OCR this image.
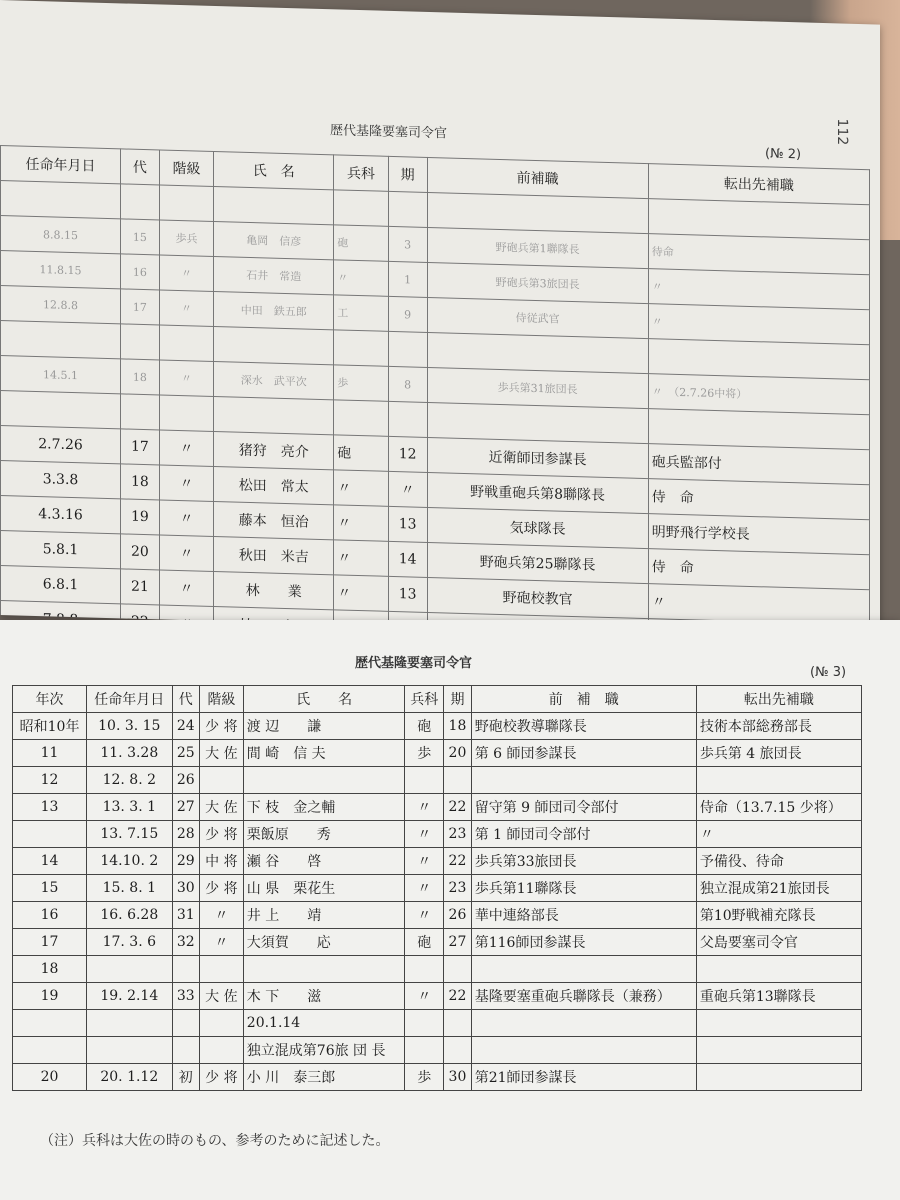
歴代基隆要塞司令官
(№ 2)
112
任命年月日	代	階級	氏　名	兵科	期	前補職	転出先補職

8.8.15	15	歩兵	亀岡　信彦	砲	3	野砲兵第1聯隊長	待命
11.8.15	16	〃	石井　常造	〃	1	野砲兵第3旅団長	〃
12.8.8	17	〃	中田　鉄五郎	工	9	侍従武官	〃

14.5.1	18	〃	深水　武平次	歩	8	歩兵第31旅団長	〃　（2.7.26中将）

2.7.26	17	〃	猪狩　亮介	砲	12	近衛師団参謀長	砲兵監部付
3.3.8	18	〃	松田　常太	〃	〃	野戦重砲兵第8聯隊長	侍　命
4.3.16	19	〃	藤本　恒治	〃	13	気球隊長	明野飛行学校長
5.8.1	20	〃	秋田　米吉	〃	14	野砲兵第25聯隊長	侍　命
6.8.1	21	〃	林　　業	〃	13	野砲校教官	〃

歴代基隆要塞司令官
(№ 3)
年次	任命年月日	代	階級	氏　　名	兵科	期	前　補　職	転出先補職
昭和10年	10. 3. 15	24	少 将	渡 辺　　謙	砲	18	野砲校教導聯隊長	技術本部総務部長
11	11. 3.28	25	大 佐	間 崎　信 夫	歩	20	第 6 師団参謀長	歩兵第 4 旅団長
12	12. 8. 2	26						
13	13. 3. 1	27	大 佐	下 枝　金之輔	〃	22	留守第 9 師団司令部付	侍命（13.7.15 少将）
	13. 7.15	28	少 将	栗飯原　　秀	〃	23	第 1 師団司令部付	〃
14	14.10. 2	29	中 将	瀬 谷　　啓	〃	22	歩兵第33旅団長	予備役、待命
15	15. 8. 1	30	少 将	山 県　栗花生	〃	23	歩兵第11聯隊長	独立混成第21旅団長
16	16. 6.28	31	〃	井 上　　靖	〃	26	華中連絡部長	第10野戦補充隊長
17	17. 3. 6	32	〃	大須賀　　応	砲	27	第116師団参謀長	父島要塞司令官
18								
19	19. 2.14	33	大 佐	木 下　　滋	〃	22	基隆要塞重砲兵聯隊長（兼務）	重砲兵第13聯隊長
				20.1.14				
				独立混成第76旅 団 長				
20	20. 1.12	初	少 将	小 川　泰三郎	歩	30	第21師団参謀長	
（注）兵科は大佐の時のもの、参考のために記述した。
